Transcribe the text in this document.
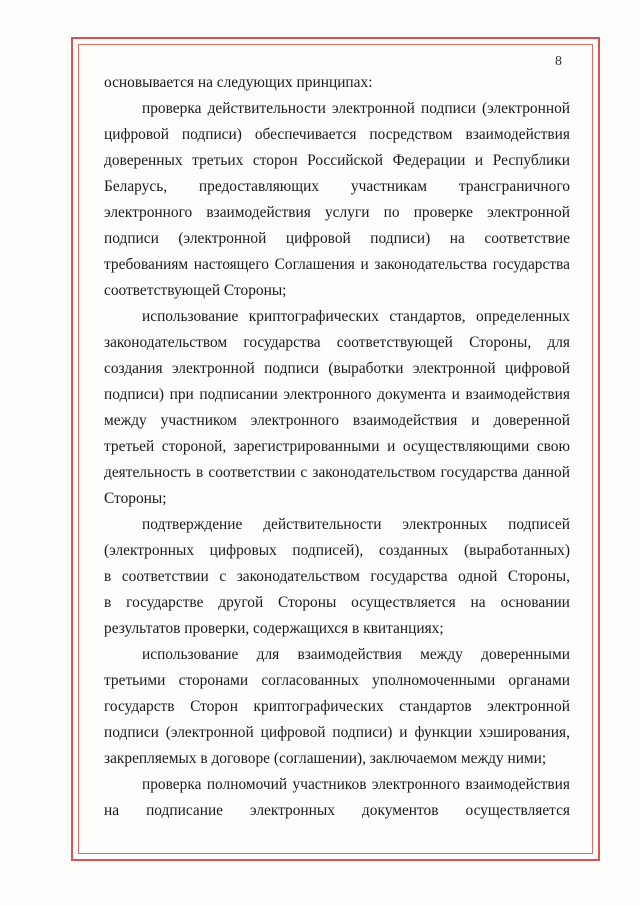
8
основывается на следующих принципах:
проверка действительности электронной подписи (электронной
цифровой подписи) обеспечивается посредством взаимодействия
доверенных третьих сторон Российской Федерации и Республики
Беларусь, предоставляющих участникам трансграничного
электронного взаимодействия услуги по проверке электронной
подписи (электронной цифровой подписи) на соответствие
требованиям настоящего Соглашения и законодательства государства
соответствующей Стороны;
использование криптографических стандартов, определенных
законодательством государства соответствующей Стороны, для
создания электронной подписи (выработки электронной цифровой
подписи) при подписании электронного документа и взаимодействия
между участником электронного взаимодействия и доверенной
третьей стороной, зарегистрированными и осуществляющими свою
деятельность в соответствии с законодательством государства данной
Стороны;
подтверждение действительности электронных подписей
(электронных цифровых подписей), созданных (выработанных)
в соответствии с законодательством государства одной Стороны,
в государстве другой Стороны осуществляется на основании
результатов проверки, содержащихся в квитанциях;
использование для взаимодействия между доверенными
третьими сторонами согласованных уполномоченными органами
государств Сторон криптографических стандартов электронной
подписи (электронной цифровой подписи) и функции хэширования,
закрепляемых в договоре (соглашении), заключаемом между ними;
проверка полномочий участников электронного взаимодействия
на подписание электронных документов осуществляется
